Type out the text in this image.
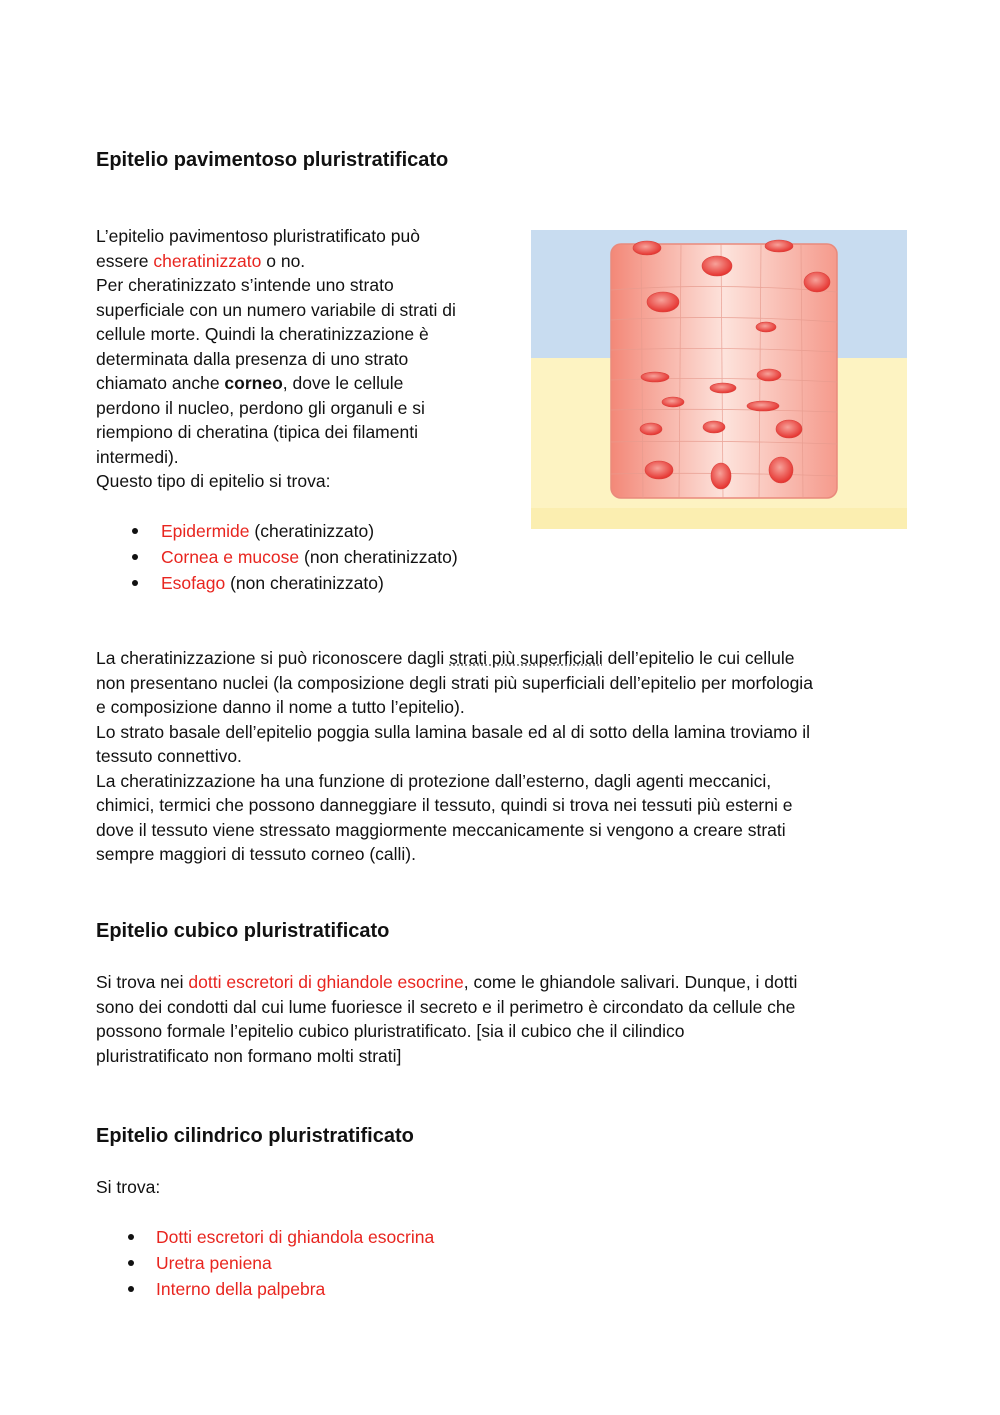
Epitelio pavimentoso pluristratificato
L’epitelio pavimentoso pluristratificato può
essere cheratinizzato o no.
Per cheratinizzato s’intende uno strato
superficiale con un numero variabile di strati di
cellule morte. Quindi la cheratinizzazione è
determinata dalla presenza di uno strato
chiamato anche corneo, dove le cellule
perdono il nucleo, perdono gli organuli e si
riempiono di cheratina (tipica dei filamenti
intermedi).
Questo tipo di epitelio si trova:
Epidermide (cheratinizzato)
Cornea e mucose (non cheratinizzato)
Esofago (non cheratinizzato)
La cheratinizzazione si può riconoscere dagli strati più superficiali dell’epitelio le cui cellule
non presentano nuclei (la composizione degli strati più superficiali dell’epitelio per morfologia
e composizione danno il nome a tutto l’epitelio).
Lo strato basale dell’epitelio poggia sulla lamina basale ed al di sotto della lamina troviamo il
tessuto connettivo.
La cheratinizzazione ha una funzione di protezione dall’esterno, dagli agenti meccanici,
chimici, termici che possono danneggiare il tessuto, quindi si trova nei tessuti più esterni e
dove il tessuto viene stressato maggiormente meccanicamente si vengono a creare strati
sempre maggiori di tessuto corneo (calli).
Epitelio cubico pluristratificato
Si trova nei dotti escretori di ghiandole esocrine, come le ghiandole salivari. Dunque, i dotti
sono dei condotti dal cui lume fuoriesce il secreto e il perimetro è circondato da cellule che
possono formale l’epitelio cubico pluristratificato. [sia il cubico che il cilindico
pluristratificato non formano molti strati]
Epitelio cilindrico pluristratificato
Si trova:
Dotti escretori di ghiandola esocrina
Uretra peniena
Interno della palpebra
